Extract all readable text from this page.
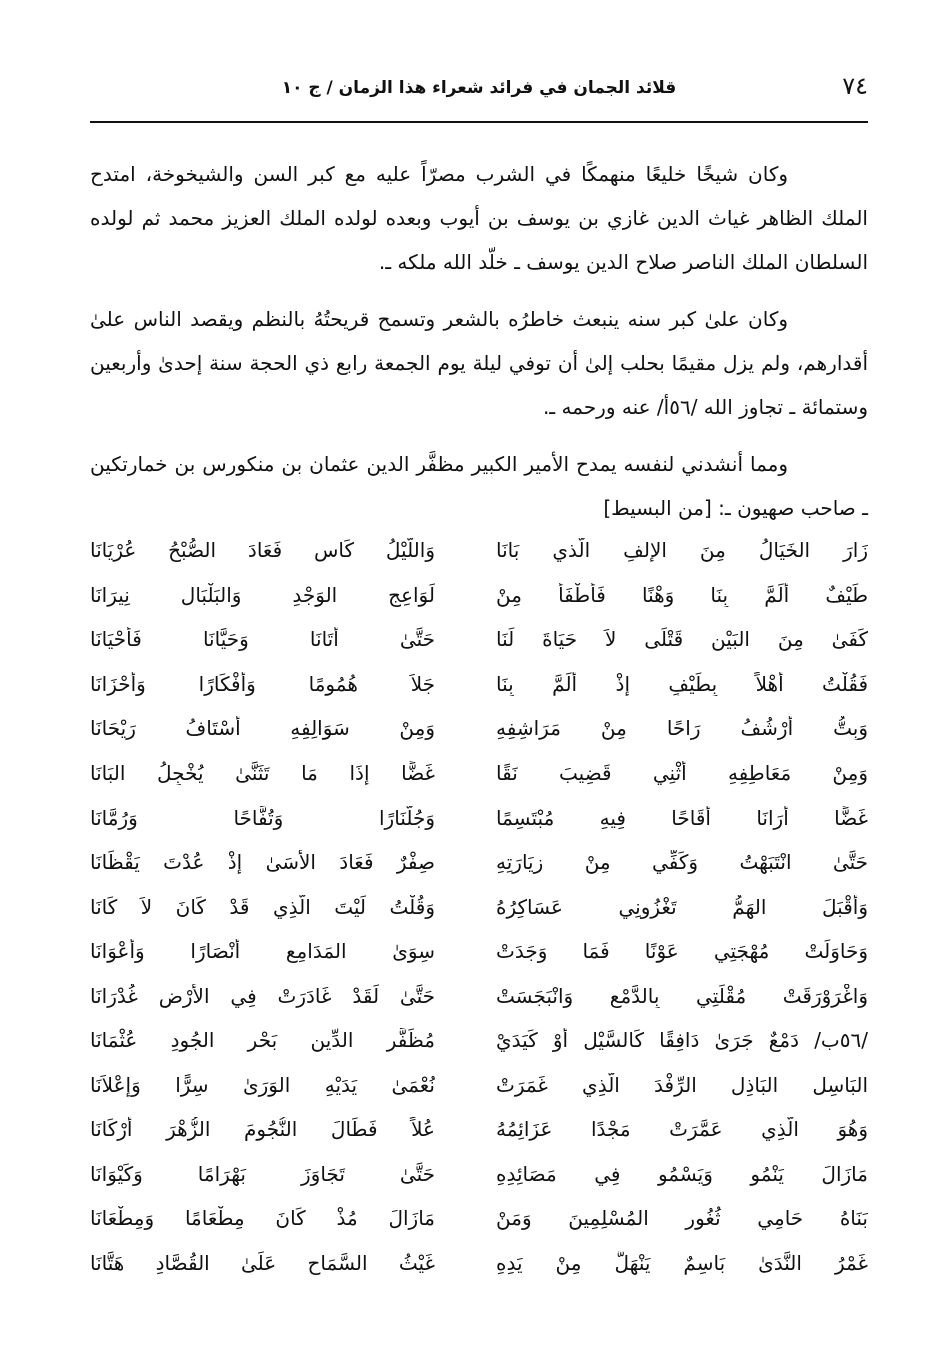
٧٤
قلائد الجمان في فرائد شعراء هذا الزمان / ج ١٠
وكان شيخًا خليعًا منهمكًا في الشرب مصرّاً عليه مع كبر السن والشيخوخة، امتدح الملك الظاهر غياث الدين غازي بن يوسف بن أيوب وبعده لولده الملك العزيز محمد ثم لولده السلطان الملك الناصر صلاح الدين يوسف ـ خلّد الله ملكه ـ.
وكان علىٰ كبر سنه ينبعث خاطرُه بالشعر وتسمح قريحتُهُ بالنظم ويقصد الناس علىٰ أقدارهم، ولم يزل مقيمًا بحلب إلىٰ أن توفي ليلة يوم الجمعة رابع ذي الحجة سنة إحدىٰ وأربعين وستمائة ـ تجاوز الله /٥٦أ/ عنه ورحمه ـ.
ومما أنشدني لنفسه يمدح الأمير الكبير مظفَّر الدين عثمان بن منكورس بن خمارتكين ـ صاحب صهيون ـ: [من البسيط]
زَارَ الخَيَالُ مِنَ الإلفِ الَّذي بَانَا
وَاللَّيْلُ كَاسٍ فَعَادَ الصُّبْحُ عُرْيَانَا
طَيْفٌ أَلَمَّ بِنَا وَهْنًا فَأَطْفَأَ مِنْ
لَوَاعِجِ الوَجْدِ وَالبَلْبَالِ نِيرَانَا
كَفَىٰ مِنَ البَيْنِ قَتْلَى لاَ حَيَاةَ لَنَا
حَتَّىٰ أَتَانَا وَحَيَّانَا فَأَحْيَانَا
فَقُلْتُ أَهْلاً بِطَيْفٍ إِذْ أَلَمَّ بِنَا
جَلاَ هُمُومًا وَأَفْكَارًا وَأَحْزَانَا
وَبِتُّ أَرْشُفُ رَاحًا مِنْ مَرَاشِفِهِ
وَمِنْ سَوَالِفِهِ أَسْتَافُ رَيْحَانَا
وَمِنْ مَعَاطِفِهِ أَثْنِي قَضِيبَ نَقًا
غَضًّا إِذَا مَا تَثَنَّىٰ يُخْجِلُ البَانَا
غَضًّا أَرَانَا أَقَاحًا فِيهِ مُبْتَسِمًا
وَجُلَّنَارًا وَتُفَّاحًا وَرُمَّانَا
حَتَّىٰ انْتَبَهْتُ وَكَفِّي مِنْ زِيَارَتِهِ
صِفْرٌ فَعَادَ الأَسَىٰ إِذْ عُدْتَ يَقْظَانَا
وَأَقْبَلَ الهَمُّ تَغْزُونِي عَسَاكِرُهُ
وَقُلْتُ لَيْتَ الَّذِي قَدْ كَانَ لاَ كَانَا
وَحَاوَلَتْ مُهْجَتِي عَوْنًا فَمَا وَجَدَتْ
سِوَىٰ المَدَامِعِ أَنْصَارًا وَأَعْوَانَا
وَاغْرَوْرَقَتْ مُقْلَتِي بِالدَّمْعِ وَانْبَجَسَتْ
حَتَّىٰ لَقَدْ غَادَرَتْ فِي الأَرْضِ غُدْرَانَا
/٥٦ب/ دَمْعٌ جَرَىٰ دَافِقًا كَالسَّيْلِ أَوْ كَيَدَيْ
مُظَفَّرِ الدِّينِ بَحْرِ الجُودِ عُثْمَانَا
البَاسِلِ البَاذِلِ الرِّفْدَ الَّذِي غَمَرَتْ
نُعْمَىٰ يَدَيْهِ الوَرَىٰ سِرًّا وَإِعْلاَنَا
وَهُوَ الَّذِي عَمَّرَتْ مَجْدًا عَزَائِمُهُ
عُلاً فَطَالَ النُّجُومَ الزُّهْرَ أَرْكَانَا
مَازَالَ يَنْمُو وَيَسْمُو فِي مَصَائِدِهِ
حَتَّىٰ تَجَاوَزَ بَهْرَامًا وَكَيْوَانَا
بَنَاهُ حَامِي ثُغُورِ المُسْلِمِينَ وَمَنْ
مَازَالَ مُذْ كَانَ مِطْعَامًا وَمِطْعَانَا
غَمْرُ النَّدَىٰ بَاسِمٌ يَنْهَلُّ مِنْ يَدِهِ
غَيْثُ السَّمَاحِ عَلَىٰ القُصَّادِ هَتَّانَا
